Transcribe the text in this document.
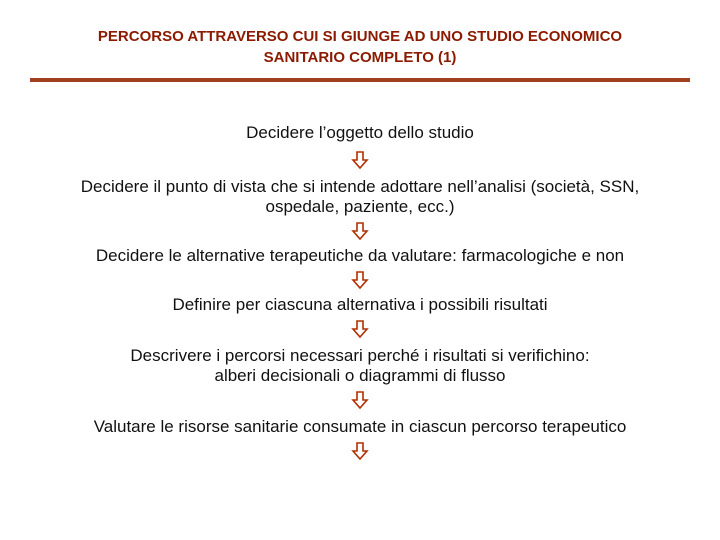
PERCORSO ATTRAVERSO CUI SI GIUNGE AD UNO STUDIO ECONOMICO
SANITARIO COMPLETO (1)
Decidere l’oggetto dello studio
Decidere il punto di vista che si intende adottare nell’analisi (società, SSN,
ospedale, paziente, ecc.)
Decidere le alternative terapeutiche da valutare: farmacologiche e non
Definire per ciascuna alternativa i possibili risultati
Descrivere i percorsi necessari perché i risultati si verifichino:
alberi decisionali o diagrammi di flusso
Valutare le risorse sanitarie consumate in ciascun percorso terapeutico
